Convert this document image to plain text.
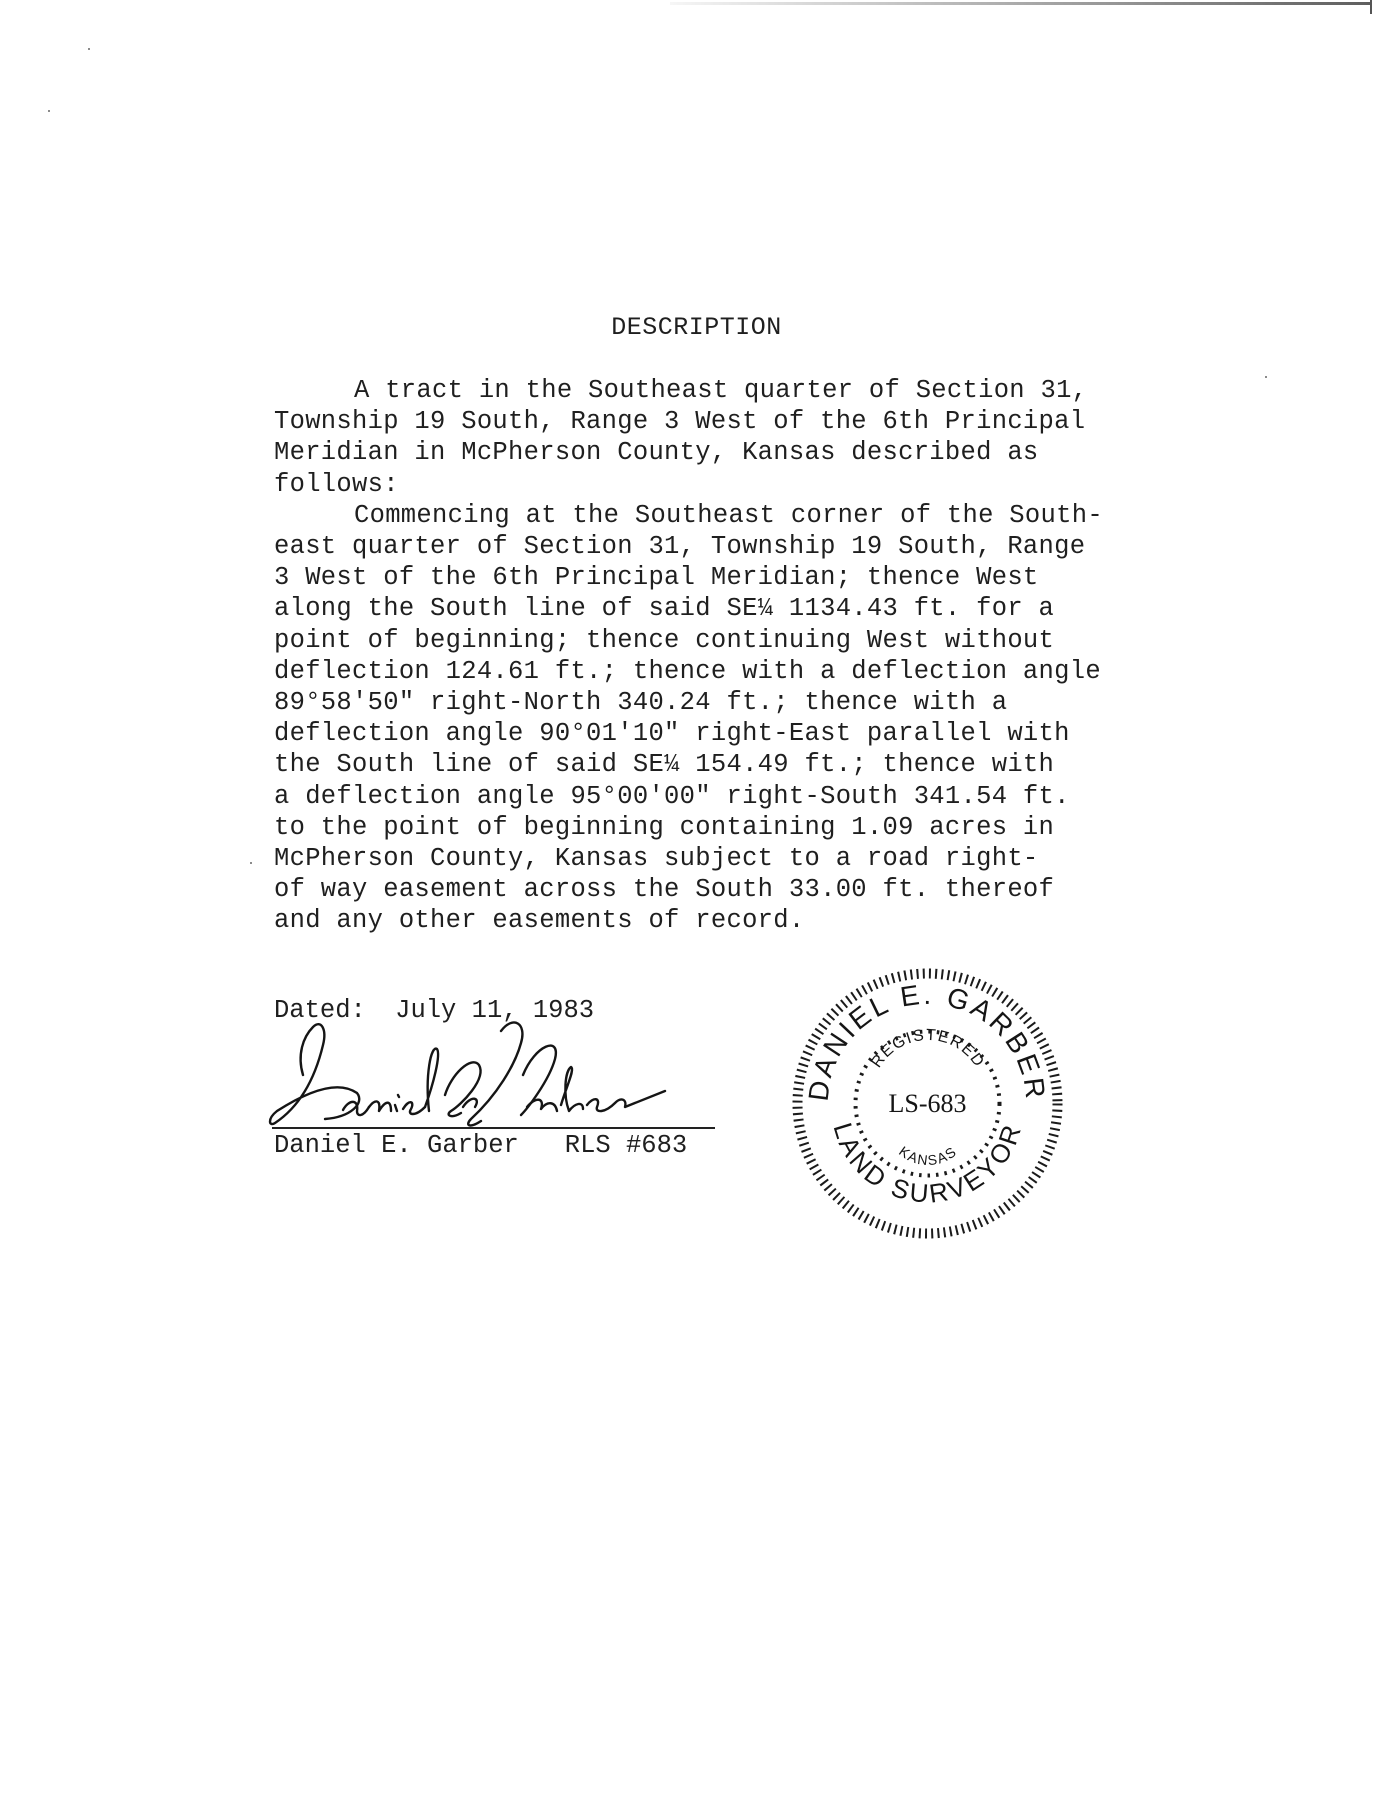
DESCRIPTION

A tract in the Southeast quarter of Section 31,

Township 19 South, Range 3 West of the 6th Principal

Meridian in McPherson County, Kansas described as

follows:

Commencing at the Southeast corner of the South-

east quarter of Section 31, Township 19 South, Range

3 West of the 6th Principal Meridian; thence West

along the South line of said SE¼ 1134.43 ft. for a

point of beginning; thence continuing West without

deflection 124.61 ft.; thence with a deflection angle

89°58'50" right-North 340.24 ft.; thence with a

deflection angle 90°01'10" right-East parallel with

the South line of said SE¼ 154.49 ft.; thence with

a deflection angle 95°00'00" right-South 341.54 ft.

to the point of beginning containing 1.09 acres in

McPherson County, Kansas subject to a road right-

of way easement across the South 33.00 ft. thereof

and any other easements of record.

Dated: July 11, 1983
Daniel E. Garber RLS #683
DANIEL E. GARBER
LAND SURVEYOR
REGISTERED
KANSAS
LS-683
